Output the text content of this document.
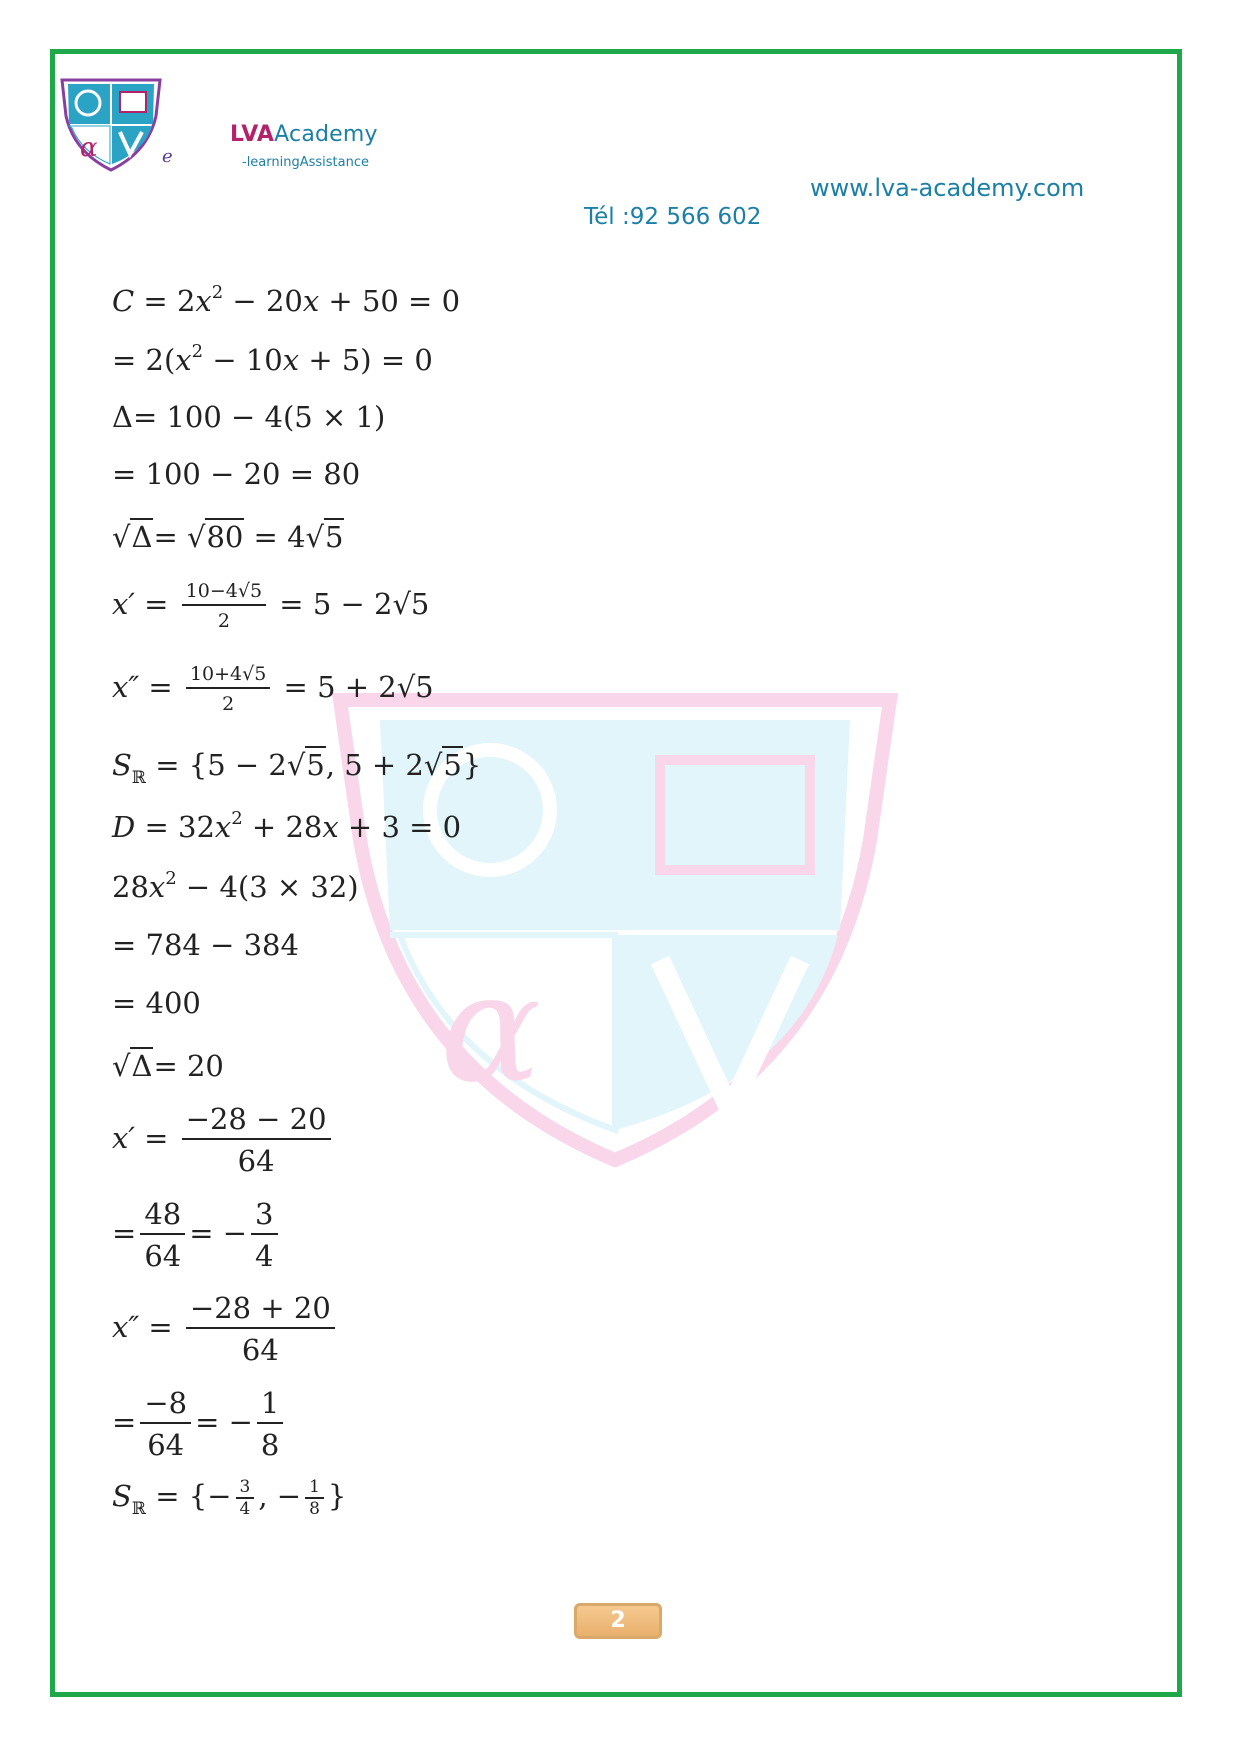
α	e
LVAAcademy
-learningAssistance
www.lva-academy.com
Tél :92 566 602
α
$C = 2x^2 - 20x + 50 = 0$
= $2(x^2 - 10x + 5) = 0$
Δ= 100 − 4(5 × 1)
= 100 − 20 = 80
√Δ= √80 = 4√5
$x' = \frac{10-4√5}{2} = 5 - 2√5$
$x'' = \frac{10+4√5}{2} = 5 + 2√5$
$S_ℝ = \{5 - 2√5$, 5 + 2√5}
$D = 32x^2 + 28x + 3 = 0$
$28x^2 - 4(3 \times 32)$
= 784 − 384
= 400
√Δ= 20
$x' = \frac{-28 - 20}{64}$
= $\frac{48}{64}$ = − $\frac{3}{4}$
$x'' = \frac{-28 + 20}{64}$
= $\frac{-8}{64}$ = − $\frac{1}{8}$
$S_ℝ$ = {− $\frac{3}{4}$ , − $\frac{1}{8}$ }
2
